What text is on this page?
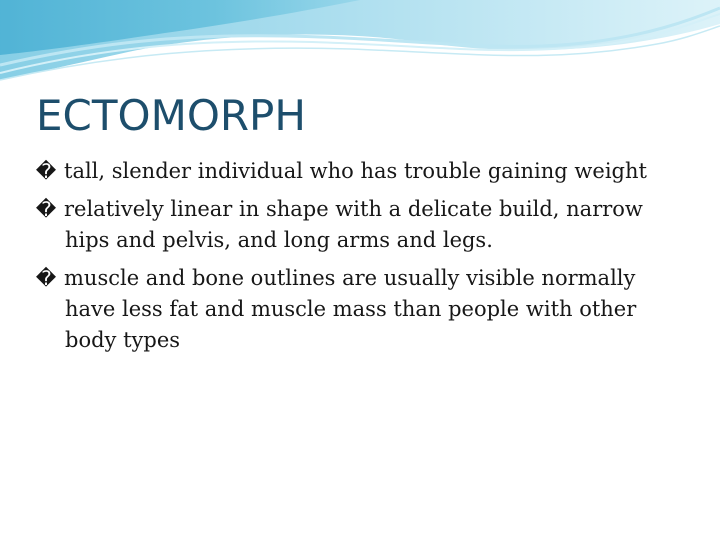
ECTOMORPH
� tall, slender individual who has trouble gaining weight
� relatively linear in shape with a delicate build, narrow hips and pelvis, and long arms and legs.
� muscle and bone outlines are usually visible normally have less fat and muscle mass than people with other body types
